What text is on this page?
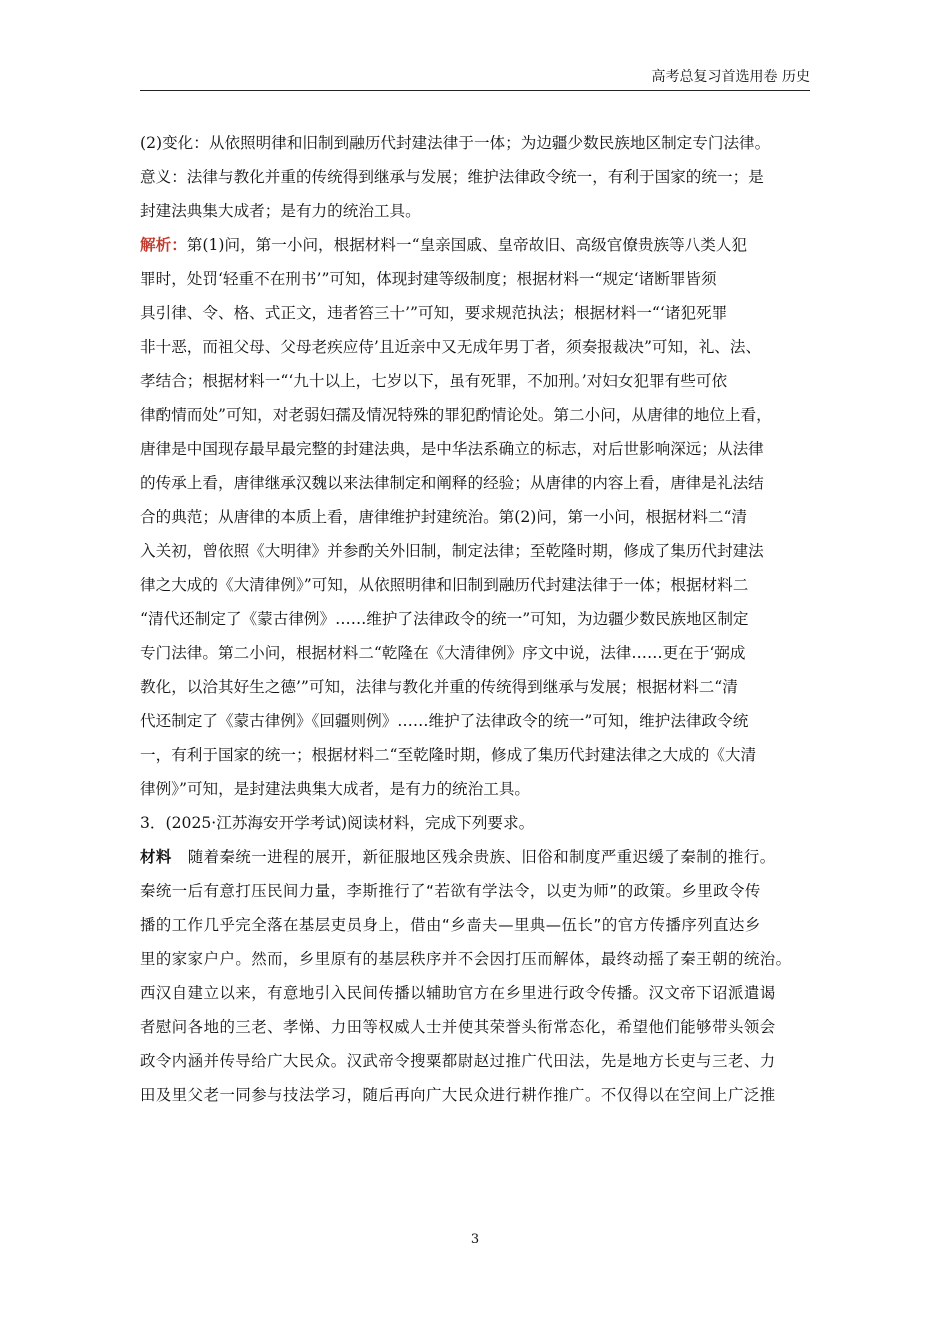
高考总复习首选用卷 历史
(2)变化：从依照明律和旧制到融历代封建法律于一体；为边疆少数民族地区制定专门法律。
意义：法律与教化并重的传统得到继承与发展；维护法律政令统一，有利于国家的统一；是
封建法典集大成者；是有力的统治工具。
解析：第(1)问，第一小问，根据材料一“皇亲国戚、皇帝故旧、高级官僚贵族等八类人犯
罪时，处罚‘轻重不在刑书’”可知，体现封建等级制度；根据材料一“规定‘诸断罪皆须
具引律、令、格、式正文，违者笞三十’”可知，要求规范执法；根据材料一“‘诸犯死罪
非十恶，而祖父母、父母老疾应侍’且近亲中又无成年男丁者，须奏报裁决”可知，礼、法、
孝结合；根据材料一“‘九十以上，七岁以下，虽有死罪，不加刑。’对妇女犯罪有些可依
律酌情而处”可知，对老弱妇孺及情况特殊的罪犯酌情论处。第二小问，从唐律的地位上看，
唐律是中国现存最早最完整的封建法典，是中华法系确立的标志，对后世影响深远；从法律
的传承上看，唐律继承汉魏以来法律制定和阐释的经验；从唐律的内容上看，唐律是礼法结
合的典范；从唐律的本质上看，唐律维护封建统治。第(2)问，第一小问，根据材料二“清
入关初，曾依照《大明律》并参酌关外旧制，制定法律；至乾隆时期，修成了集历代封建法
律之大成的《大清律例》”可知，从依照明律和旧制到融历代封建法律于一体；根据材料二
“清代还制定了《蒙古律例》……维护了法律政令的统一”可知，为边疆少数民族地区制定
专门法律。第二小问，根据材料二“乾隆在《大清律例》序文中说，法律……更在于‘弼成
教化，以洽其好生之德’”可知，法律与教化并重的传统得到继承与发展；根据材料二“清
代还制定了《蒙古律例》《回疆则例》……维护了法律政令的统一”可知，维护法律政令统
一，有利于国家的统一；根据材料二“至乾隆时期，修成了集历代封建法律之大成的《大清
律例》”可知，是封建法典集大成者，是有力的统治工具。
3．(2025·江苏海安开学考试)阅读材料，完成下列要求。
材料　 随着秦统一进程的展开，新征服地区残余贵族、旧俗和制度严重迟缓了秦制的推行。
秦统一后有意打压民间力量，李斯推行了“若欲有学法令，以吏为师”的政策。乡里政令传
播的工作几乎完全落在基层吏员身上，借由“乡啬夫—里典—伍长”的官方传播序列直达乡
里的家家户户。然而，乡里原有的基层秩序并不会因打压而解体，最终动摇了秦王朝的统治。
西汉自建立以来，有意地引入民间传播以辅助官方在乡里进行政令传播。汉文帝下诏派遣谒
者慰问各地的三老、孝悌、力田等权威人士并使其荣誉头衔常态化，希望他们能够带头领会
政令内涵并传导给广大民众。汉武帝令搜粟都尉赵过推广代田法，先是地方长吏与三老、力
田及里父老一同参与技法学习，随后再向广大民众进行耕作推广。不仅得以在空间上广泛推
3
